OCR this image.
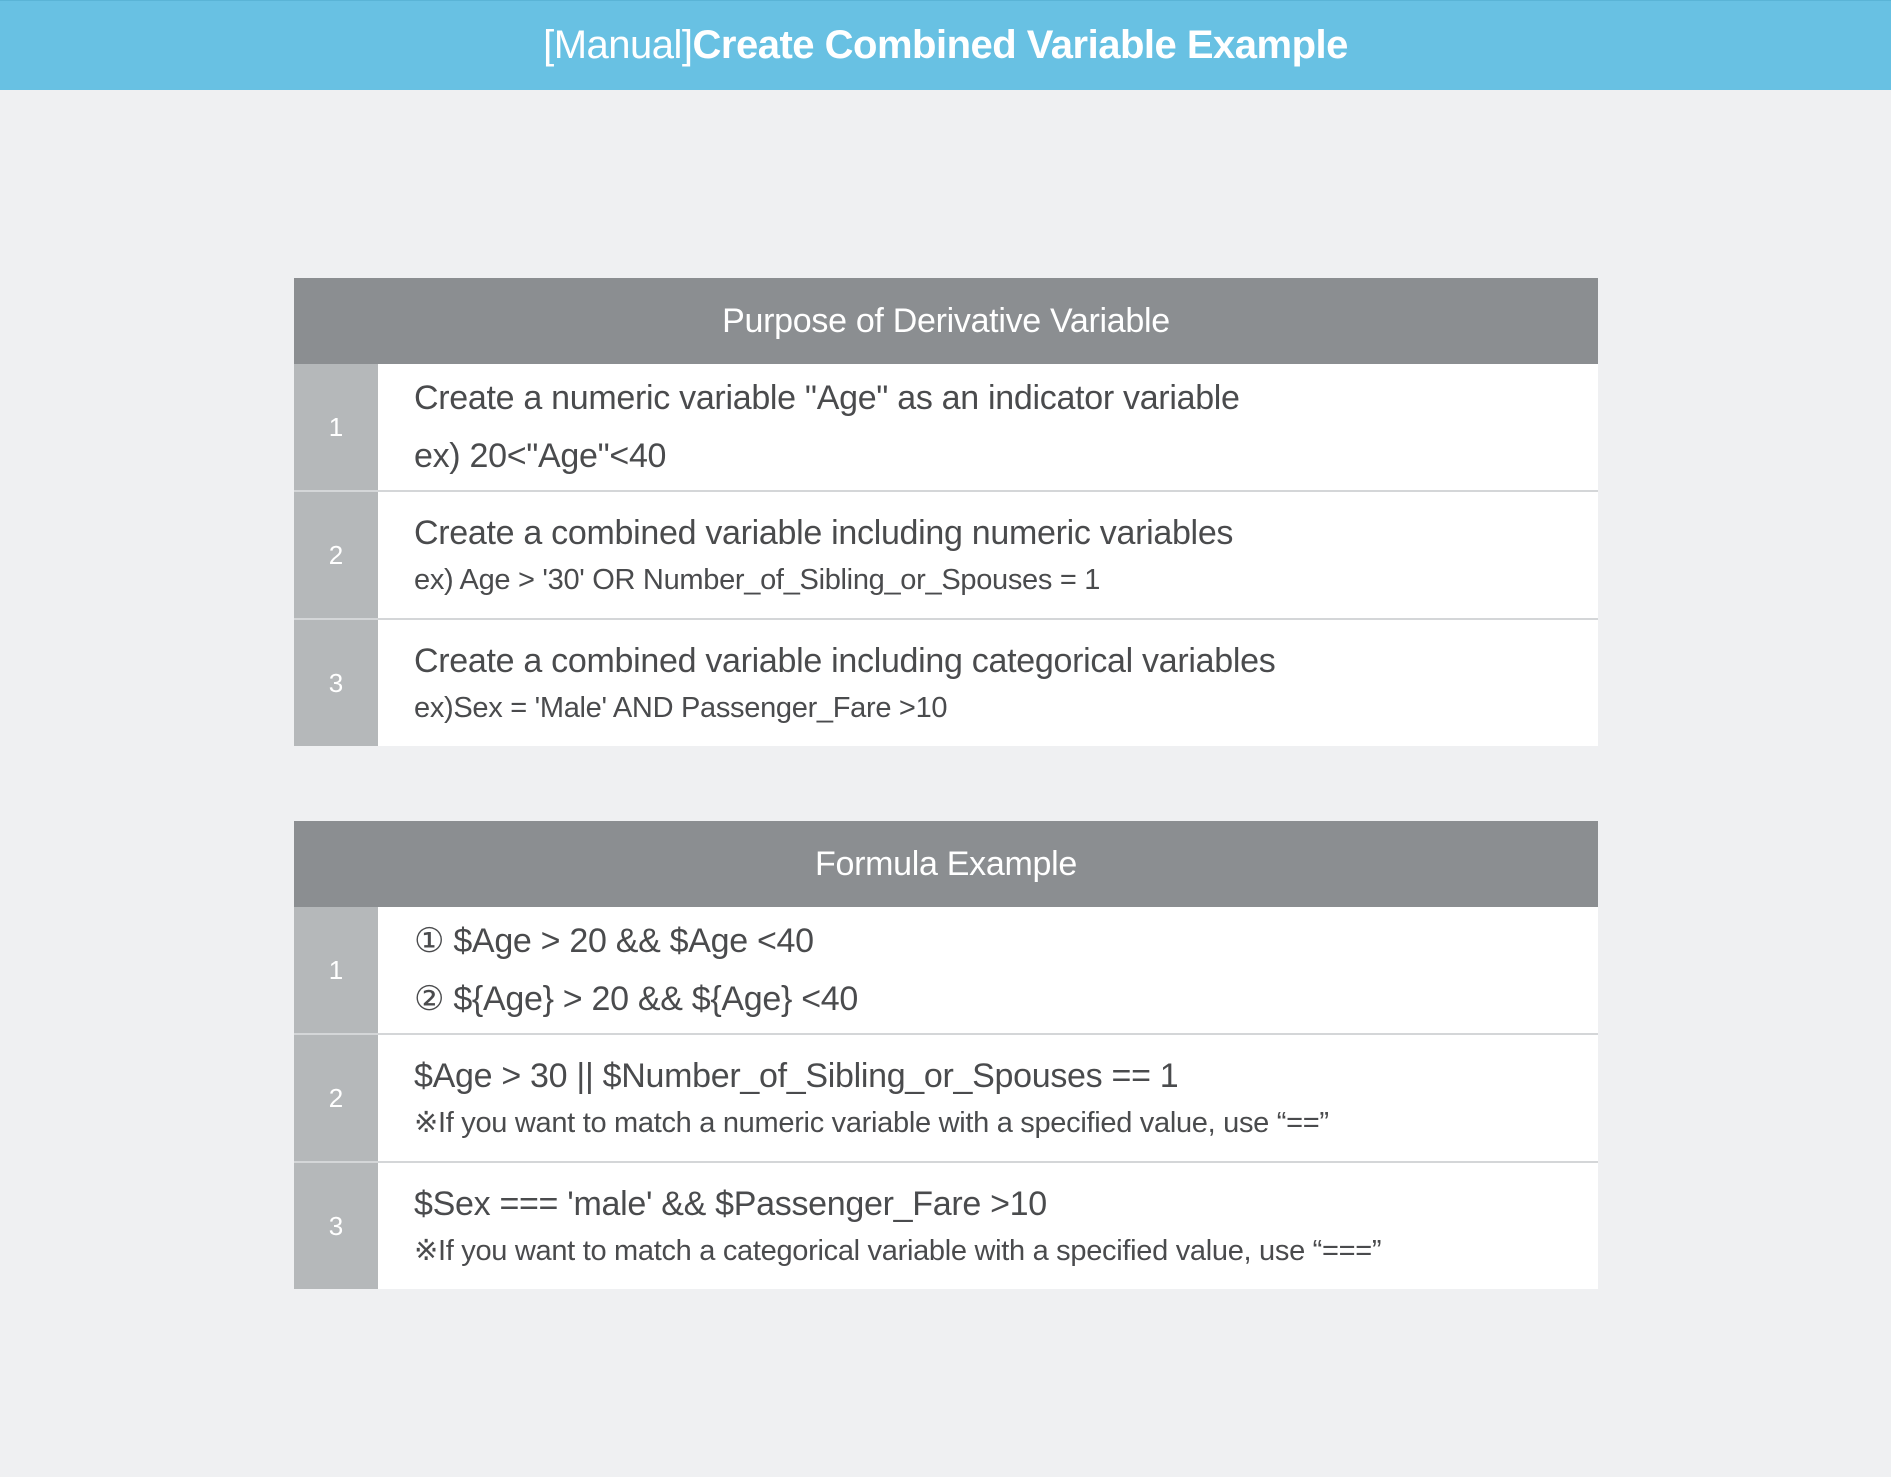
[Manual] Create Combined Variable Example
Purpose of Derivative Variable
1
Create a numeric variable "Age" as an indicator variable
ex) 20<"Age"<40
2
Create a combined variable including numeric variables
ex) Age > '30' OR Number_of_Sibling_or_Spouses = 1
3
Create a combined variable including categorical variables
ex)Sex = 'Male' AND Passenger_Fare >10
Formula Example
1
① $Age > 20 && $Age <40
② ${Age} > 20 && ${Age} <40
2
$Age > 30 || $Number_of_Sibling_or_Spouses == 1
※If you want to match a numeric variable with a specified value, use “==”
3
$Sex === 'male' && $Passenger_Fare >10
※If you want to match a categorical variable with a specified value, use “===”
